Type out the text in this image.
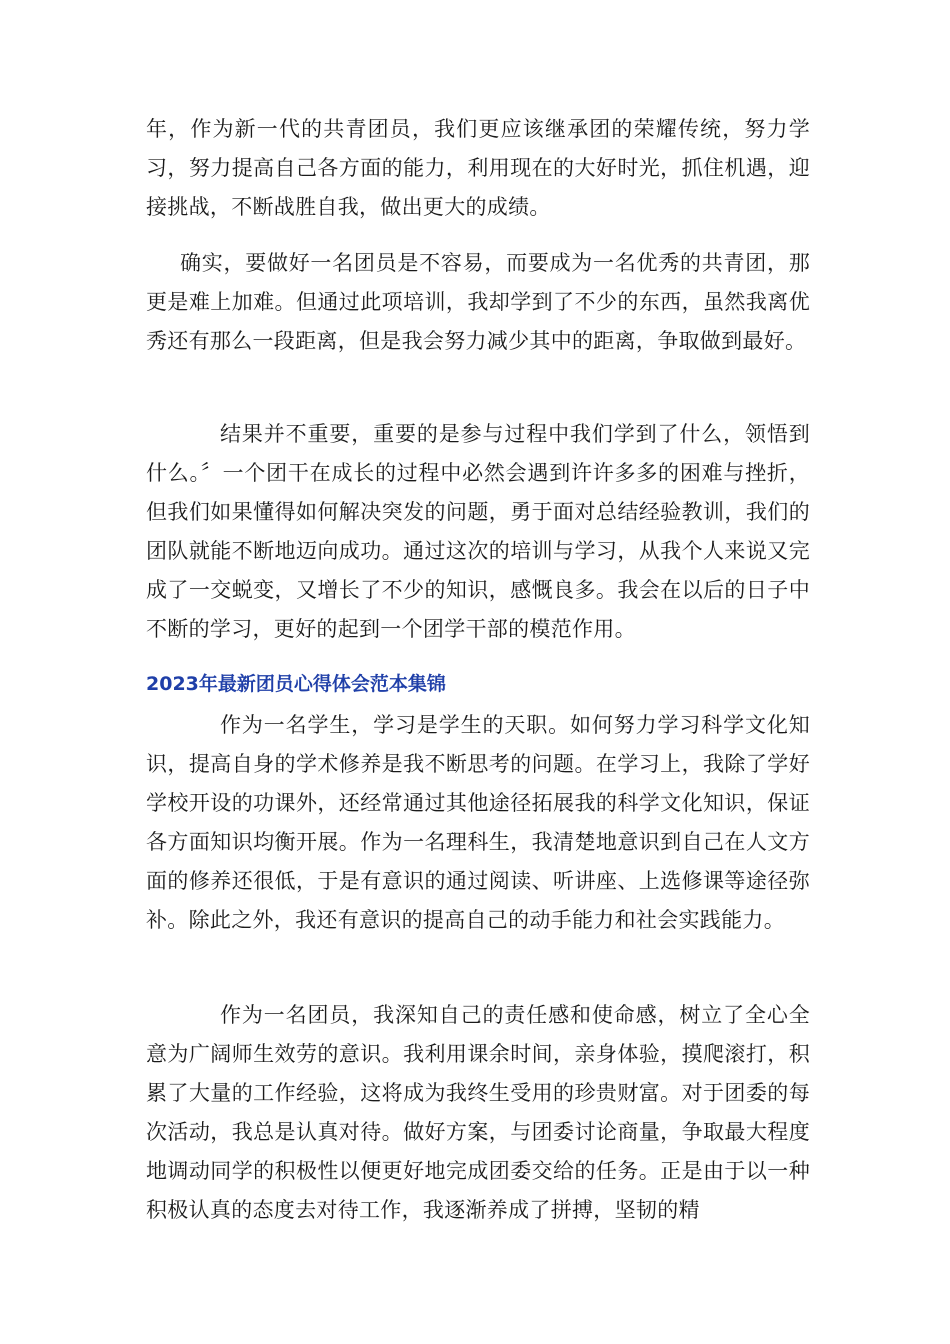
年，作为新一代的共青团员，我们更应该继承团的荣耀传统，努力学习，努力提高自己各方面的能力，利用现在的大好时光，抓住机遇，迎接挑战，不断战胜自我，做出更大的成绩。

确实，要做好一名团员是不容易，而要成为一名优秀的共青团，那更是难上加难。但通过此项培训，我却学到了不少的东西，虽然我离优秀还有那么一段距离，但是我会努力减少其中的距离，争取做到最好。

结果并不重要，重要的是参与过程中我们学到了什么，领悟到什么。〞一个团干在成长的过程中必然会遇到许许多多的困难与挫折，但我们如果懂得如何解决突发的问题，勇于面对总结经验教训，我们的团队就能不断地迈向成功。通过这次的培训与学习，从我个人来说又完成了一交蜕变，又增长了不少的知识，感慨良多。我会在以后的日子中不断的学习，更好的起到一个团学干部的模范作用。

2023年最新团员心得体会范本集锦

作为一名学生，学习是学生的天职。如何努力学习科学文化知识，提高自身的学术修养是我不断思考的问题。在学习上，我除了学好学校开设的功课外，还经常通过其他途径拓展我的科学文化知识，保证各方面知识均衡开展。作为一名理科生，我清楚地意识到自己在人文方面的修养还很低，于是有意识的通过阅读、听讲座、上选修课等途径弥补。除此之外，我还有意识的提高自己的动手能力和社会实践能力。

作为一名团员，我深知自己的责任感和使命感，树立了全心全意为广阔师生效劳的意识。我利用课余时间，亲身体验，摸爬滚打，积累了大量的工作经验，这将成为我终生受用的珍贵财富。对于团委的每次活动，我总是认真对待。做好方案，与团委讨论商量，争取最大程度地调动同学的积极性以便更好地完成团委交给的任务。正是由于以一种积极认真的态度去对待工作，我逐渐养成了拼搏，坚韧的精
